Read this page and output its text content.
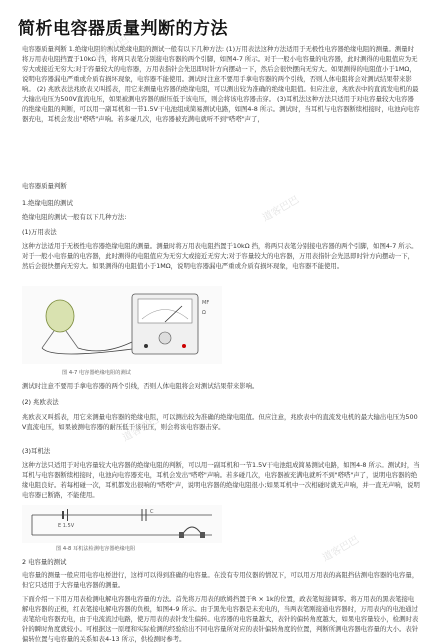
简析电容器质量判断的方法
电容器质量判断 1.绝缘电阻的测试绝缘电阻的测试一般有以下几种方法: (1)万用表法这种方法适用于无极性电容器绝缘电阻的测量。测量时将万用表电阻挡置于10kΩ 挡，将两只表笔分别接电容器的两个引脚，如图4-7 所示。对于一般小电容量的电容器，此时测得的电阻值应为无穷大或接近无穷大;对于容量较大的电容器，万用表指针会先迅即时针方向摆动一下，然后会很快摆向无穷大。如果测得的电阻值小于1MΩ，说明电容器漏电严重或介质有损坏现象，电容器不能使用。测试时注意不要用手拿电容器的两个引线，否则人体电阻将会对测试结果带来影响。 (2) 兆欧表法兆欧表又叫摇表，用它来测量电容器的绝缘电阻，可以测出较为准确的绝缘电阻值。但应注意，兆欧表中的直流发电机的最大输出电压为500V直流电压，如果被测电容器的耐压低于该电压，则会将该电容器击穿。 (3)耳机法这种方法只适用于对电容量较大电容器的绝缘电阻的判断，可以用一副耳机和一节1.5V干电池组成简易测试电路，如图4-8 所示。测试时，当耳机与电容器断续相接时，电池向电容器充电，耳机会发出"嗒嗒"声响。若多碰几次，电容器被充满电就听不到"嗒嗒"声了，
电容器质量判断
1.绝缘电阻的测试
绝缘电阻的测试一般有以下几种方法:
(1)万用表法
这种方法适用于无极性电容器绝缘电阻的测量。测量时将万用表电阻挡置于10kΩ 挡，将两只表笔分别接电容器的两个引脚，如图4-7 所示。对于一般小电容量的电容器，此时测得的电阻值应为无穷大或接近无穷大;对于容量较大的电容器，万用表指针会先迅即时针方向摆动一下，然后会很快摆向无穷大。如果测得的电阻值小于1MΩ，说明电容器漏电严重或介质有损坏现象，电容器不能使用。
MF
Ω
图 4-7 电容器绝缘电阻的测试
测试时注意不要用手拿电容器的两个引线，否则人体电阻将会对测试结果带来影响。
(2) 兆欧表法
兆欧表又叫摇表，用它来测量电容器的绝缘电阻，可以测出较为准确的绝缘电阻值。但应注意，兆欧表中的直流发电机的最大输出电压为500V直流电压，如果被测电容器的耐压低于该电压，则会将该电容器击穿。
(3)耳机法
这种方法只适用于对电容量较大电容器的绝缘电阻的判断，可以用一副耳机和一节1.5V干电池组成简易测试电路，如图4-8 所示。测试时，当耳机与电容器断续相接时，电池向电容器充电，耳机会发出"嗒嗒"声响。若多碰几次，电容器被充满电就听不到"嗒嗒"声了，说明电容器的绝缘电阻良好。若每相碰一次，耳机都发出很响的"嗒嗒"声，说明电容器的绝缘电阻很小;如果耳机中一次相碰时就无声响，并一直无声响，说明电容器已断路，不能使用。
E 1.5V
C
图 4-8 耳机法检测电容器绝缘电阻
2 电容量的测试
电容量的测量一般应用电容电桥进行，这样可以得到准确的电容量。在没有专用仪器的情况下，可以用万用表的高阻挡估测电容器的电容量，但它只适用于大容量电容器的测量。
下面介绍一下用万用表检测电解电容器电容量的方法。首先将万用表的欧姆挡置于R × 1k的位置，政表笔短接调零。将万用表的黑表笔接电解电容器的正极，红表笔接电解电容器的负极，如图4-9 所示。由于黑先电容器是未充电的，当两表笔刚接通电容器时，万用表内的电池通过表笔给电容器充电，由于电流流过电路，使万用表的表针发生偏转。电容器的电容量越大，表针的偏转角度越大，如果电容量较小，检测时表针的瞬时角度就较小。可根据这一原理和实际检测的经验给出不同电容量所对应的表针偏转角度的位置，判断所测电容器电容量的大小。表针偏转位置与电容量的关系如表4-13 所示，供检测时参考。
道客巴巴
道客巴巴
道客巴巴
道客巴巴
